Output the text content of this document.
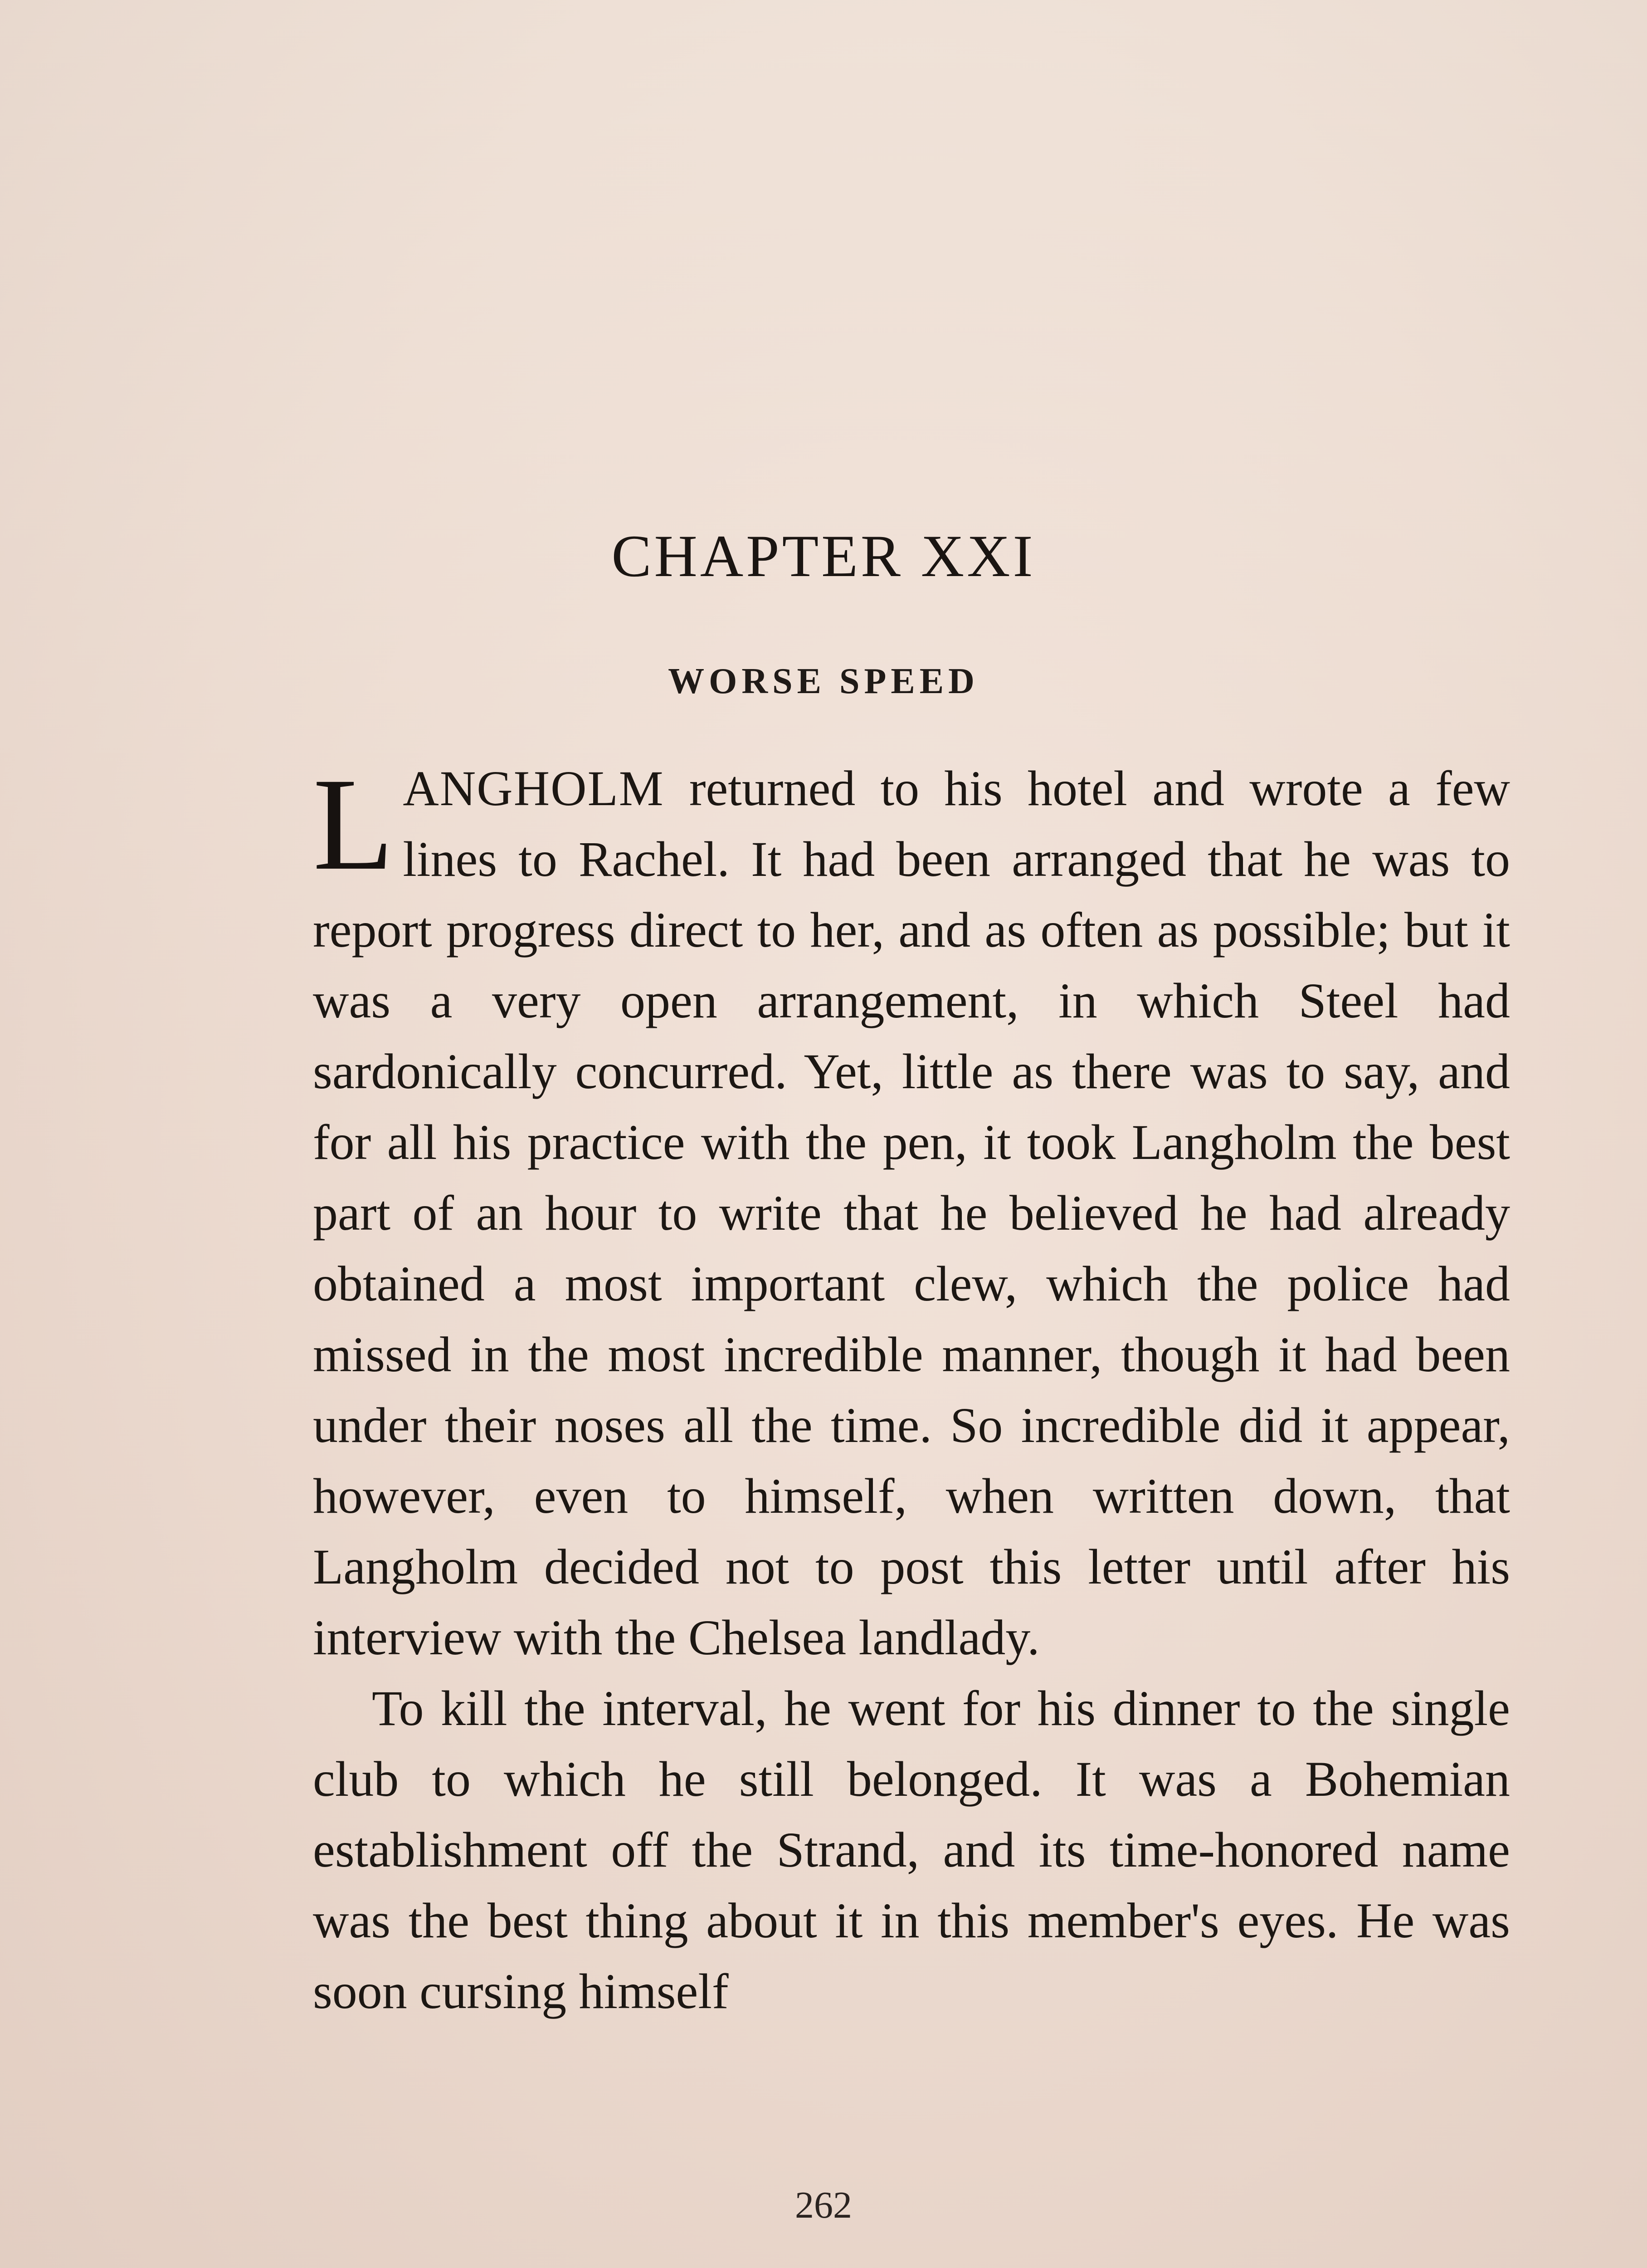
CHAPTER XXI
WORSE SPEED

LANGHOLM returned to his hotel and wrote a few lines to Rachel. It had been arranged that he was to report progress direct to her, and as often as possible; but it was a very open arrangement, in which Steel had sardonically concurred. Yet, little as there was to say, and for all his practice with the pen, it took Langholm the best part of an hour to write that he believed he had already obtained a most important clew, which the police had missed in the most incredible manner, though it had been under their noses all the time. So incredible did it appear, however, even to himself, when written down, that Langholm decided not to post this letter until after his interview with the Chelsea landlady.

To kill the interval, he went for his dinner to the single club to which he still belonged. It was a Bohemian establishment off the Strand, and its time-honored name was the best thing about it in this member's eyes. He was soon cursing himself

262
